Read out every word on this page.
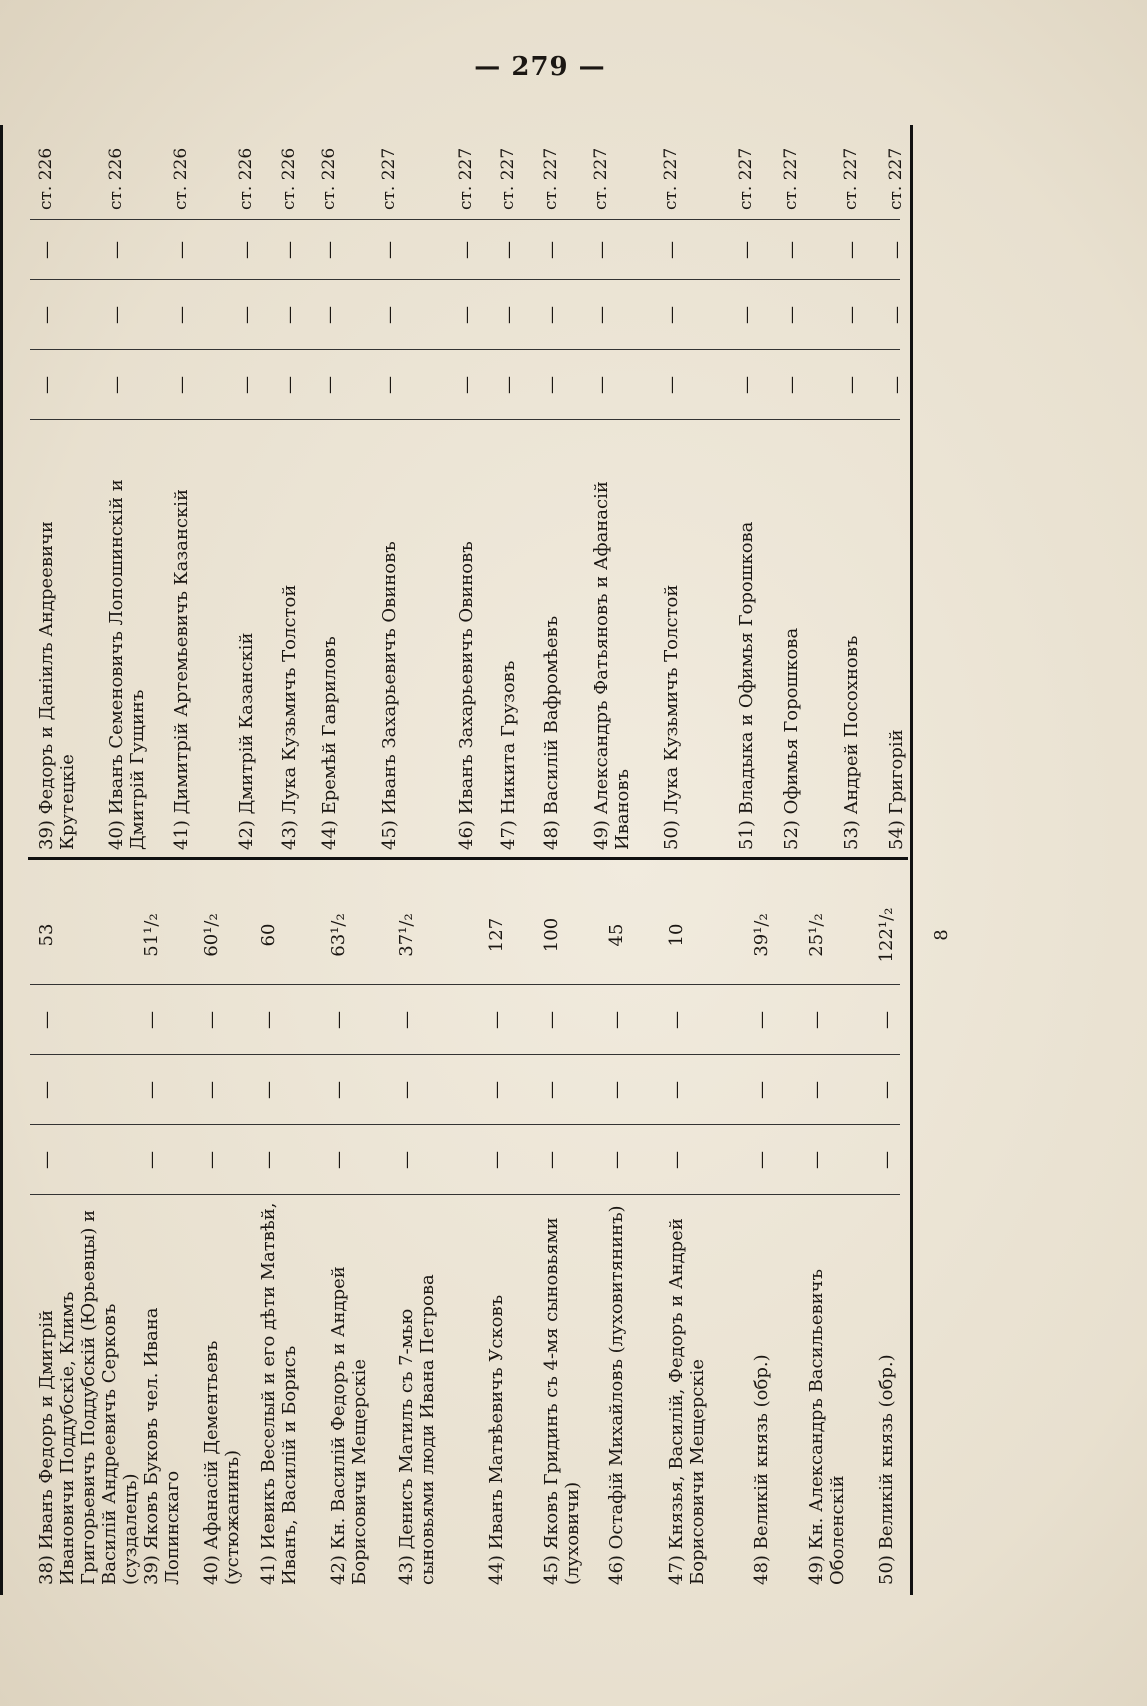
— 279 —
38) Иванъ Федоръ и Дмитрій Ивановичи Поддубскіе, Климъ Григорьевичъ Поддубскій (Юрьевцы) и Василій Андреевичъ Серковъ (суздалецъ)
—
—
—
53
39) Яковъ Буковъ чел. Ивана Лопинскаго
—
—
—
51¹/₂
40) Афанасій Дементьевъ (устюжанинъ)
—
—
—
60¹/₂
41) Иевикъ Веселый и его дѣти Матвѣй, Иванъ, Василій и Борисъ
—
—
—
60
42) Кн. Василій Федоръ и Андрей Борисовичи Мещерскіе
—
—
—
63¹/₂
43) Денисъ Матилъ съ 7-мью сыновьями люди Ивана Петрова
—
—
—
37¹/₂
44) Иванъ Матвѣевичъ Усковъ
—
—
—
127
45) Яковъ Гридинъ съ 4-мя сыновьями (луховичи)
—
—
—
100
46) Остафій Михайловъ (луховитянинъ)
—
—
—
45
47) Князья, Василій, Федоръ и Андрей Борисовичи Мещерскіе
—
—
—
10
48) Великій князь (обр.)
—
—
—
39¹/₂
49) Кн. Александръ Васильевичъ Оболенскій
—
—
—
25¹/₂
50) Великій князь (обр.)
—
—
—
122¹/₂ 8
39) Федоръ и Даніилъ Андреевичи Крутецкіе
—
—
—
ст. 226
40) Иванъ Семеновичъ Лопошинскій и Дмитрій Гущинъ
—
—
—
ст. 226
41) Димитрій Артемьевичъ Казанскій
—
—
—
ст. 226
42) Дмитрій Казанскій
—
—
—
ст. 226
43) Лука Кузьмичъ Толстой
—
—
—
ст. 226
44) Еремѣй Гавриловъ
—
—
—
ст. 226
45) Иванъ Захарьевичъ Овиновъ
—
—
—
ст. 227
46) Иванъ Захарьевичъ Овиновъ
—
—
—
ст. 227
47) Никита Грузовъ
—
—
—
ст. 227
48) Василій Вафромѣевъ
—
—
—
ст. 227
49) Александръ Фатьяновъ и Афанасій Ивановъ
—
—
—
ст. 227
50) Лука Кузьмичъ Толстой
—
—
—
ст. 227
51) Владыка и Офимья Горошкова
—
—
—
ст. 227
52) Офимья Горошкова
—
—
—
ст. 227
53) Андрей Посохновъ
—
—
—
ст. 227
54) Григорій
—
—
—
ст. 227
